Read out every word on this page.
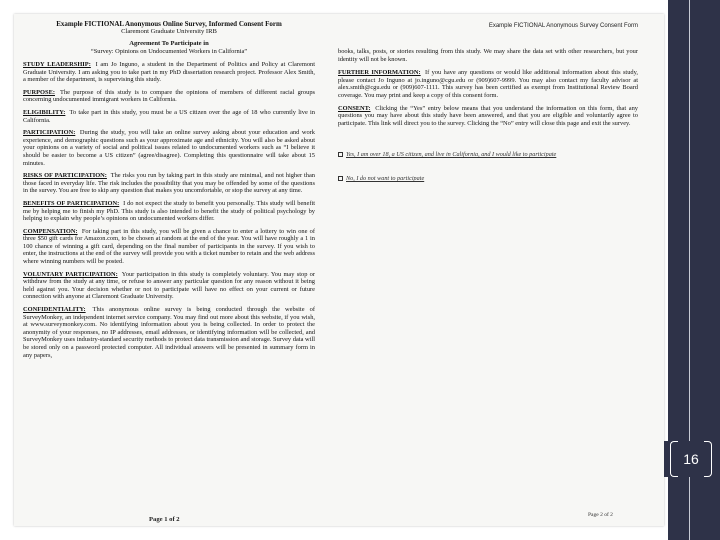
Example FICTIONAL Anonymous Online Survey, Informed Consent Form
Claremont Graduate University IRB
Agreement To Participate in
“Survey: Opinions on Undocumented Workers in California”
STUDY LEADERSHIP: I am Jo Inguno, a student in the Department of Politics and Policy at Claremont Graduate University. I am asking you to take part in my PhD dissertation research project. Professor Alex Smith, a member of the department, is supervising this study.
PURPOSE: The purpose of this study is to compare the opinions of members of different racial groups concerning undocumented immigrant workers in California.
ELIGIBILITY: To take part in this study, you must be a US citizen over the age of 18 who currently live in California.
PARTICIPATION: During the study, you will take an online survey asking about your education and work experience, and demographic questions such as your approximate age and ethnicity. You will also be asked about your opinions on a variety of social and political issues related to undocumented workers such as “I believe it should be easier to become a US citizen” (agree/disagree). Completing this questionnaire will take about 15 minutes.
RISKS OF PARTICIPATION: The risks you run by taking part in this study are minimal, and not higher than those faced in everyday life. The risk includes the possibility that you may be offended by some of the questions in the survey. You are free to skip any question that makes you uncomfortable, or stop the survey at any time.
BENEFITS OF PARTICIPATION: I do not expect the study to benefit you personally. This study will benefit me by helping me to finish my PhD. This study is also intended to benefit the study of political psychology by helping to explain why people’s opinions on undocumented workers differ.
COMPENSATION: For taking part in this study, you will be given a chance to enter a lottery to win one of three $50 gift cards for Amazon.com, to be chosen at random at the end of the year. You will have roughly a 1 in 100 chance of winning a gift card, depending on the final number of participants in the survey. If you wish to enter, the instructions at the end of the survey will provide you with a ticket number to retain and the web address where winning numbers will be posted.
VOLUNTARY PARTICIPATION: Your participation in this study is completely voluntary. You may stop or withdraw from the study at any time, or refuse to answer any particular question for any reason without it being held against you. Your decision whether or not to participate will have no effect on your current or future connection with anyone at Claremont Graduate University.
CONFIDENTIALITY: This anonymous online survey is being conducted through the website of SurveyMonkey, an independent internet service company. You may find out more about this website, if you wish, at www.surveymonkey.com. No identifying information about you is being collected. In order to protect the anonymity of your responses, no IP addresses, email addresses, or identifying information will be collected, and SurveyMonkey uses industry-standard security methods to protect data transmission and storage. Survey data will be stored only on a password protected computer. All individual answers will be presented in summary form in any papers,
Page 1 of 2
Example FICTIONAL Anonymous Survey Consent Form
books, talks, posts, or stories resulting from this study. We may share the data set with other researchers, but your identity will not be known.
FURTHER INFORMATION: If you have any questions or would like additional information about this study, please contact Jo Inguno at jo.inguno@cgu.edu or (909)607-9999. You may also contact my faculty advisor at alex.smith@cgu.edu or (909)607-1111. This survey has been certified as exempt from Institutional Review Board coverage. You may print and keep a copy of this consent form.
CONSENT: Clicking the “Yes” entry below means that you understand the information on this form, that any questions you may have about this study have been answered, and that you are eligible and voluntarily agree to participate. This link will direct you to the survey. Clicking the “No” entry will close this page and exit the survey.
Yes, I am over 18, a US citizen, and live in California, and I would like to participate
No, I do not want to participate
Page 2 of 2
16
